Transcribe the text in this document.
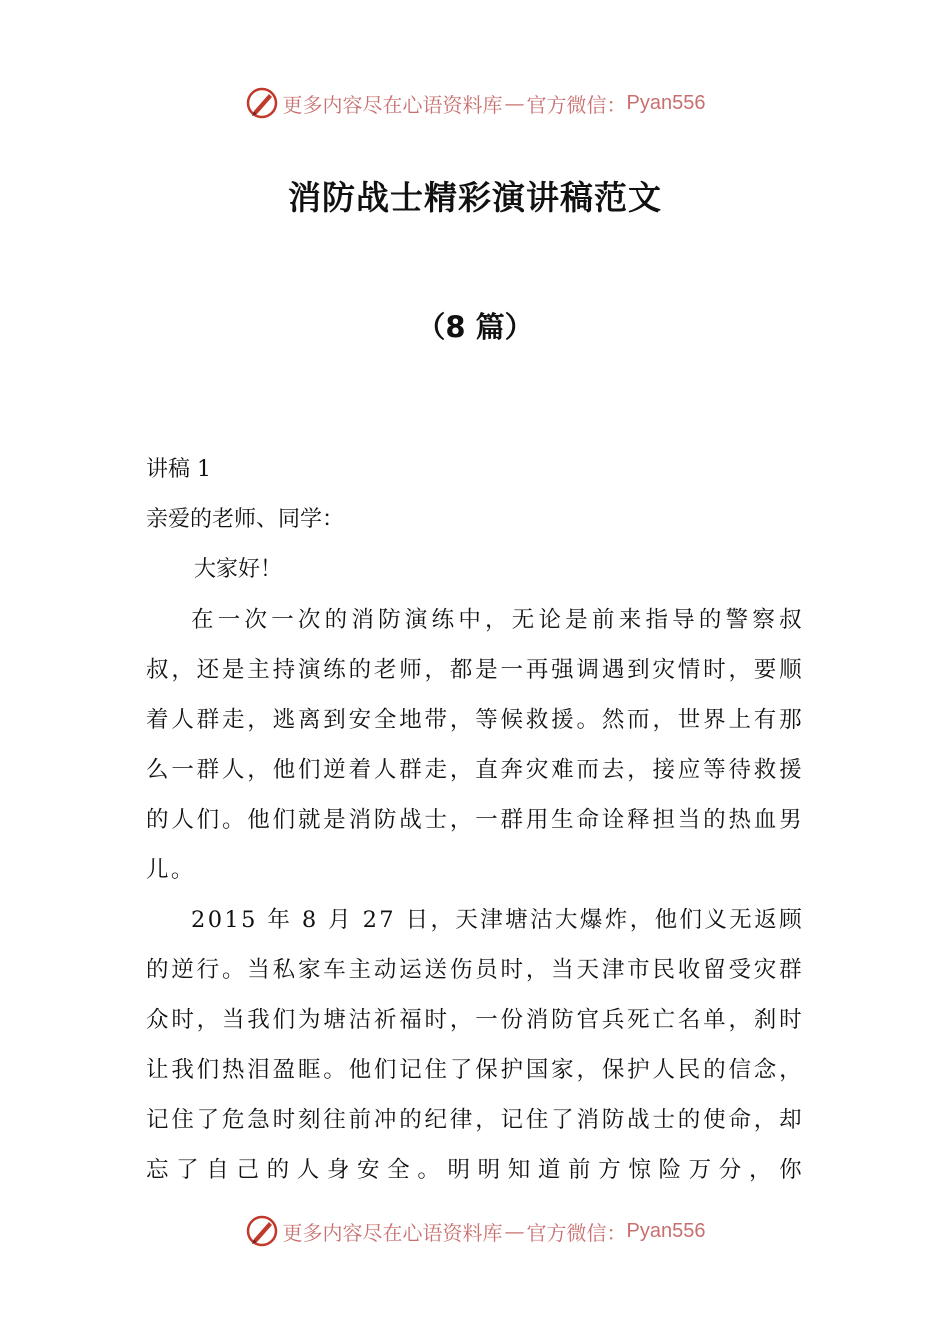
更多内容尽在心语资料库 — 官方微信： Pyan556
消防战士精彩演讲稿范文
（8 篇）
讲稿 1
亲爱的老师、同学：
大家好！
在一次一次的消防演练中，无论是前来指导的警察叔叔，还是主持演练的老师，都是一再强调遇到灾情时，要顺着人群走，逃离到安全地带，等候救援。然而，世界上有那么一群人，他们逆着人群走，直奔灾难而去，接应等待救援的人们。他们就是消防战士，一群用生命诠释担当的热血男儿。
2015 年 8 月 27 日，天津塘沽大爆炸，他们义无返顾的逆行。当私家车主动运送伤员时，当天津市民收留受灾群众时，当我们为塘沽祈福时，一份消防官兵死亡名单，刹时让我们热泪盈眶。他们记住了保护国家，保护人民的信念，记住了危急时刻往前冲的纪律，记住了消防战士的使命，却忘了自己的人身安全。明明知道前方惊险万分，你
更多内容尽在心语资料库 — 官方微信： Pyan556
